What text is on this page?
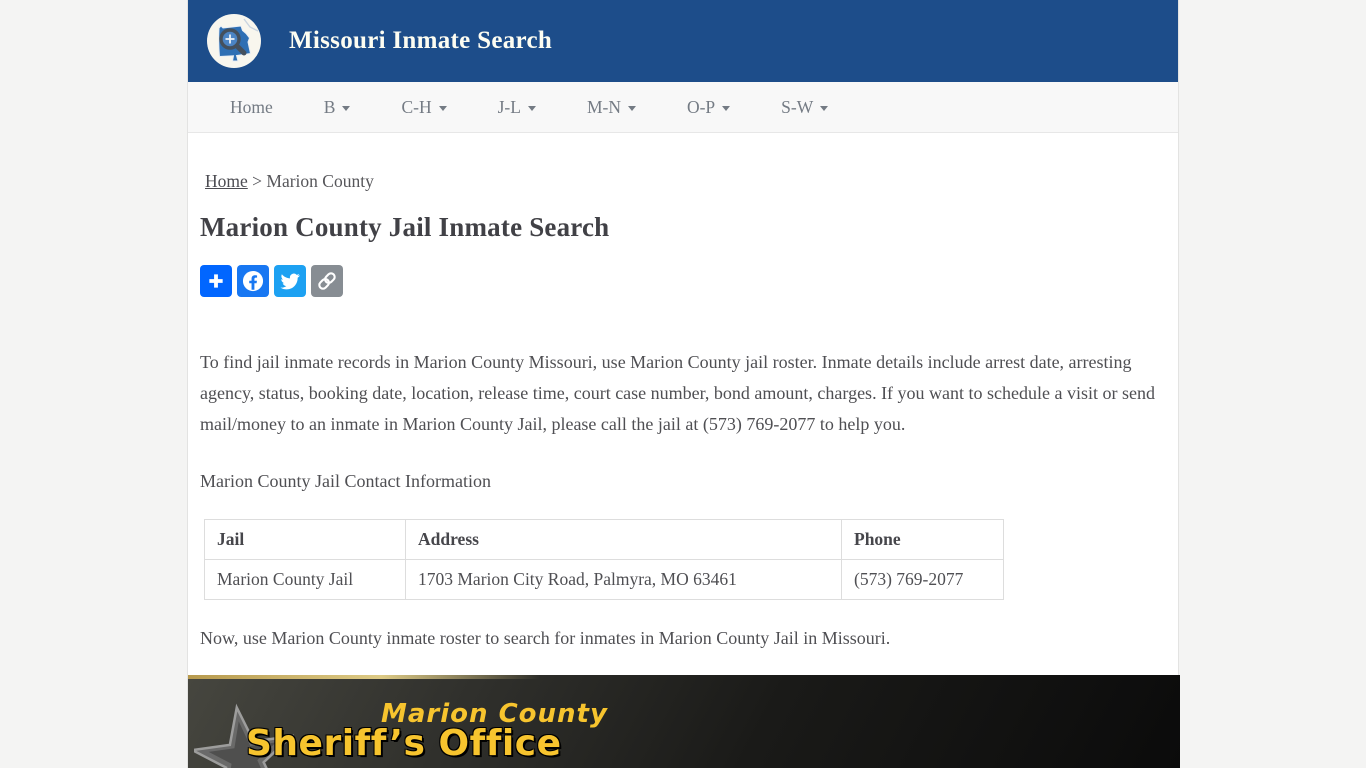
Missouri Inmate Search
Home	B	C-H	J-L	M-N	O-P	S-W
Home > Marion County
Marion County Jail Inmate Search

To find jail inmate records in Marion County Missouri, use Marion County jail roster. Inmate details include arrest date, arresting agency, status, booking date, location, release time, court case number, bond amount, charges. If you want to schedule a visit or send mail/money to an inmate in Marion County Jail, please call the jail at (573) 769-2077 to help you.

Marion County Jail Contact Information

Jail	Address	Phone
Marion County Jail	1703 Marion City Road, Palmyra, MO 63461	(573) 769-2077

Now, use Marion County inmate roster to search for inmates in Marion County Jail in Missouri.

Marion County
Sheriff’s Office
